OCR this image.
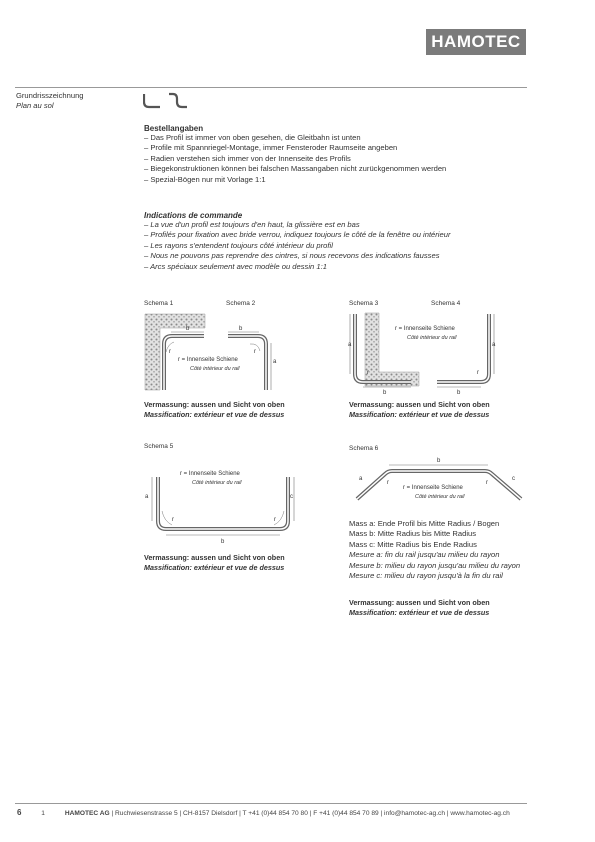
HAMOTEC
Grundrisszeichnung
Plan au sol
Bestellangaben
– Das Profil ist immer von oben gesehen, die Gleitbahn ist unten
– Profile mit Spannriegel-Montage, immer Fensteroder Raumseite angeben
– Radien verstehen sich immer von der Innenseite des Profils
– Biegekonstruktionen können bei falschen Massangaben nicht zurückgenommen werden
– Spezial-Bögen nur mit Vorlage 1:1
Indications de commande
– La vue d'un profil est toujours d'en haut, la glissière est en bas
– Profilés pour fixation avec bride verrou, indiquez toujours le côté de la fenêtre ou intérieur
– Les rayons s'entendent toujours côté intérieur du profil
– Nous ne pouvons pas reprendre des cintres, si nous recevons des indications fausses
– Arcs spéciaux seulement avec modèle ou dessin 1:1
Schema 1	Schema 2	Schema 3	Schema 4
Schema 5	Schema 6
b
r
b
a
r
r = Innenseite Schiene
Côté intérieur du rail
a
b
r
b
a
r
r = Innenseite Schiene
Côté intérieur du rail
Vermassung: aussen und Sicht von oben
Massification: extérieur et vue de dessus
Vermassung: aussen und Sicht von oben
Massification: extérieur et vue de dessus
a	c
b
r	r
r = Innenseite Schiene
Côté intérieur du rail
Vermassung: aussen und Sicht von oben
Massification: extérieur et vue de dessus
b
a	c
r	r
r = Innenseite Schiene
Côté intérieur du rail
Mass a: Ende Profil bis Mitte Radius / Bogen
Mass b: Mitte Radius bis Mitte Radius
Mass c: Mitte Radius bis Ende Radius
Mesure a: fin du rail jusqu'au milieu du rayon
Mesure b: milieu du rayon jusqu'au milieu du rayon
Mesure c: milieu du rayon jusqu'à la fin du rail
Vermassung: aussen und Sicht von oben
Massification: extérieur et vue de dessus
6	1	HAMOTEC AG | Ruchwiesenstrasse 5 | CH-8157 Dielsdorf | T +41 (0)44 854 70 80 | F +41 (0)44 854 70 89 | info@hamotec-ag.ch | www.hamotec-ag.ch
